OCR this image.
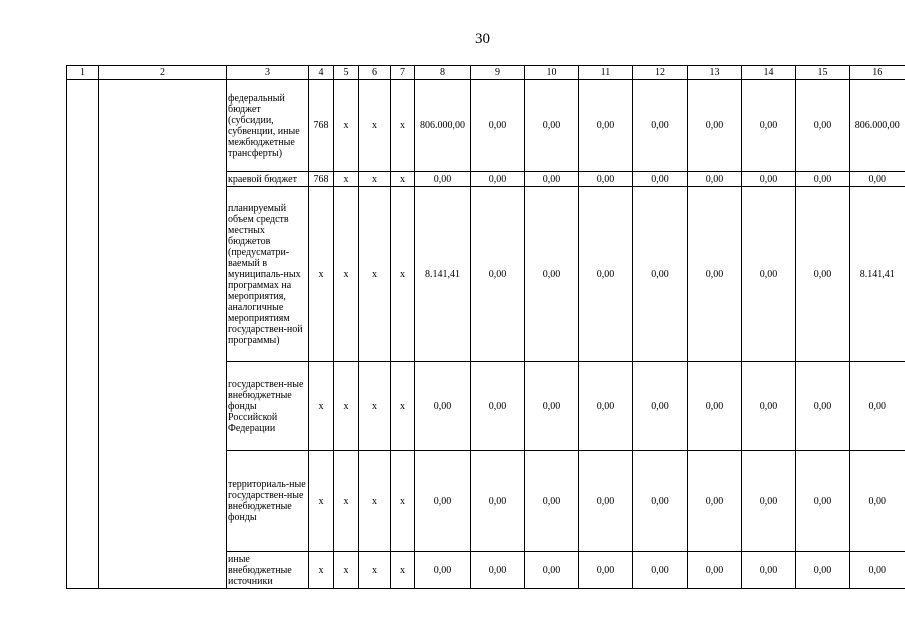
30
1	2	3	4	5	6	7	8	9	10	11	12	13	14	15	16
		федеральный бюджет (субсидии, субвенции, иные межбюджетные трансферты)	768	х	х	х	806.000,00	0,00	0,00	0,00	0,00	0,00	0,00	0,00	806.000,00
		краевой бюджет	768	х	х	х	0,00	0,00	0,00	0,00	0,00	0,00	0,00	0,00	0,00
		планируемый объем средств местных бюджетов (предусматри-ваемый в муниципаль-ных программах на мероприятия, аналогичные мероприятиям государствен-ной программы)	х	х	х	х	8.141,41	0,00	0,00	0,00	0,00	0,00	0,00	0,00	8.141,41
		государствен-ные внебюджетные фонды Российской Федерации	х	х	х	х	0,00	0,00	0,00	0,00	0,00	0,00	0,00	0,00	0,00
		территориаль-ные государствен-ные внебюджетные фонды	х	х	х	х	0,00	0,00	0,00	0,00	0,00	0,00	0,00	0,00	0,00
		иные внебюджетные источники	х	х	х	х	0,00	0,00	0,00	0,00	0,00	0,00	0,00	0,00	0,00
